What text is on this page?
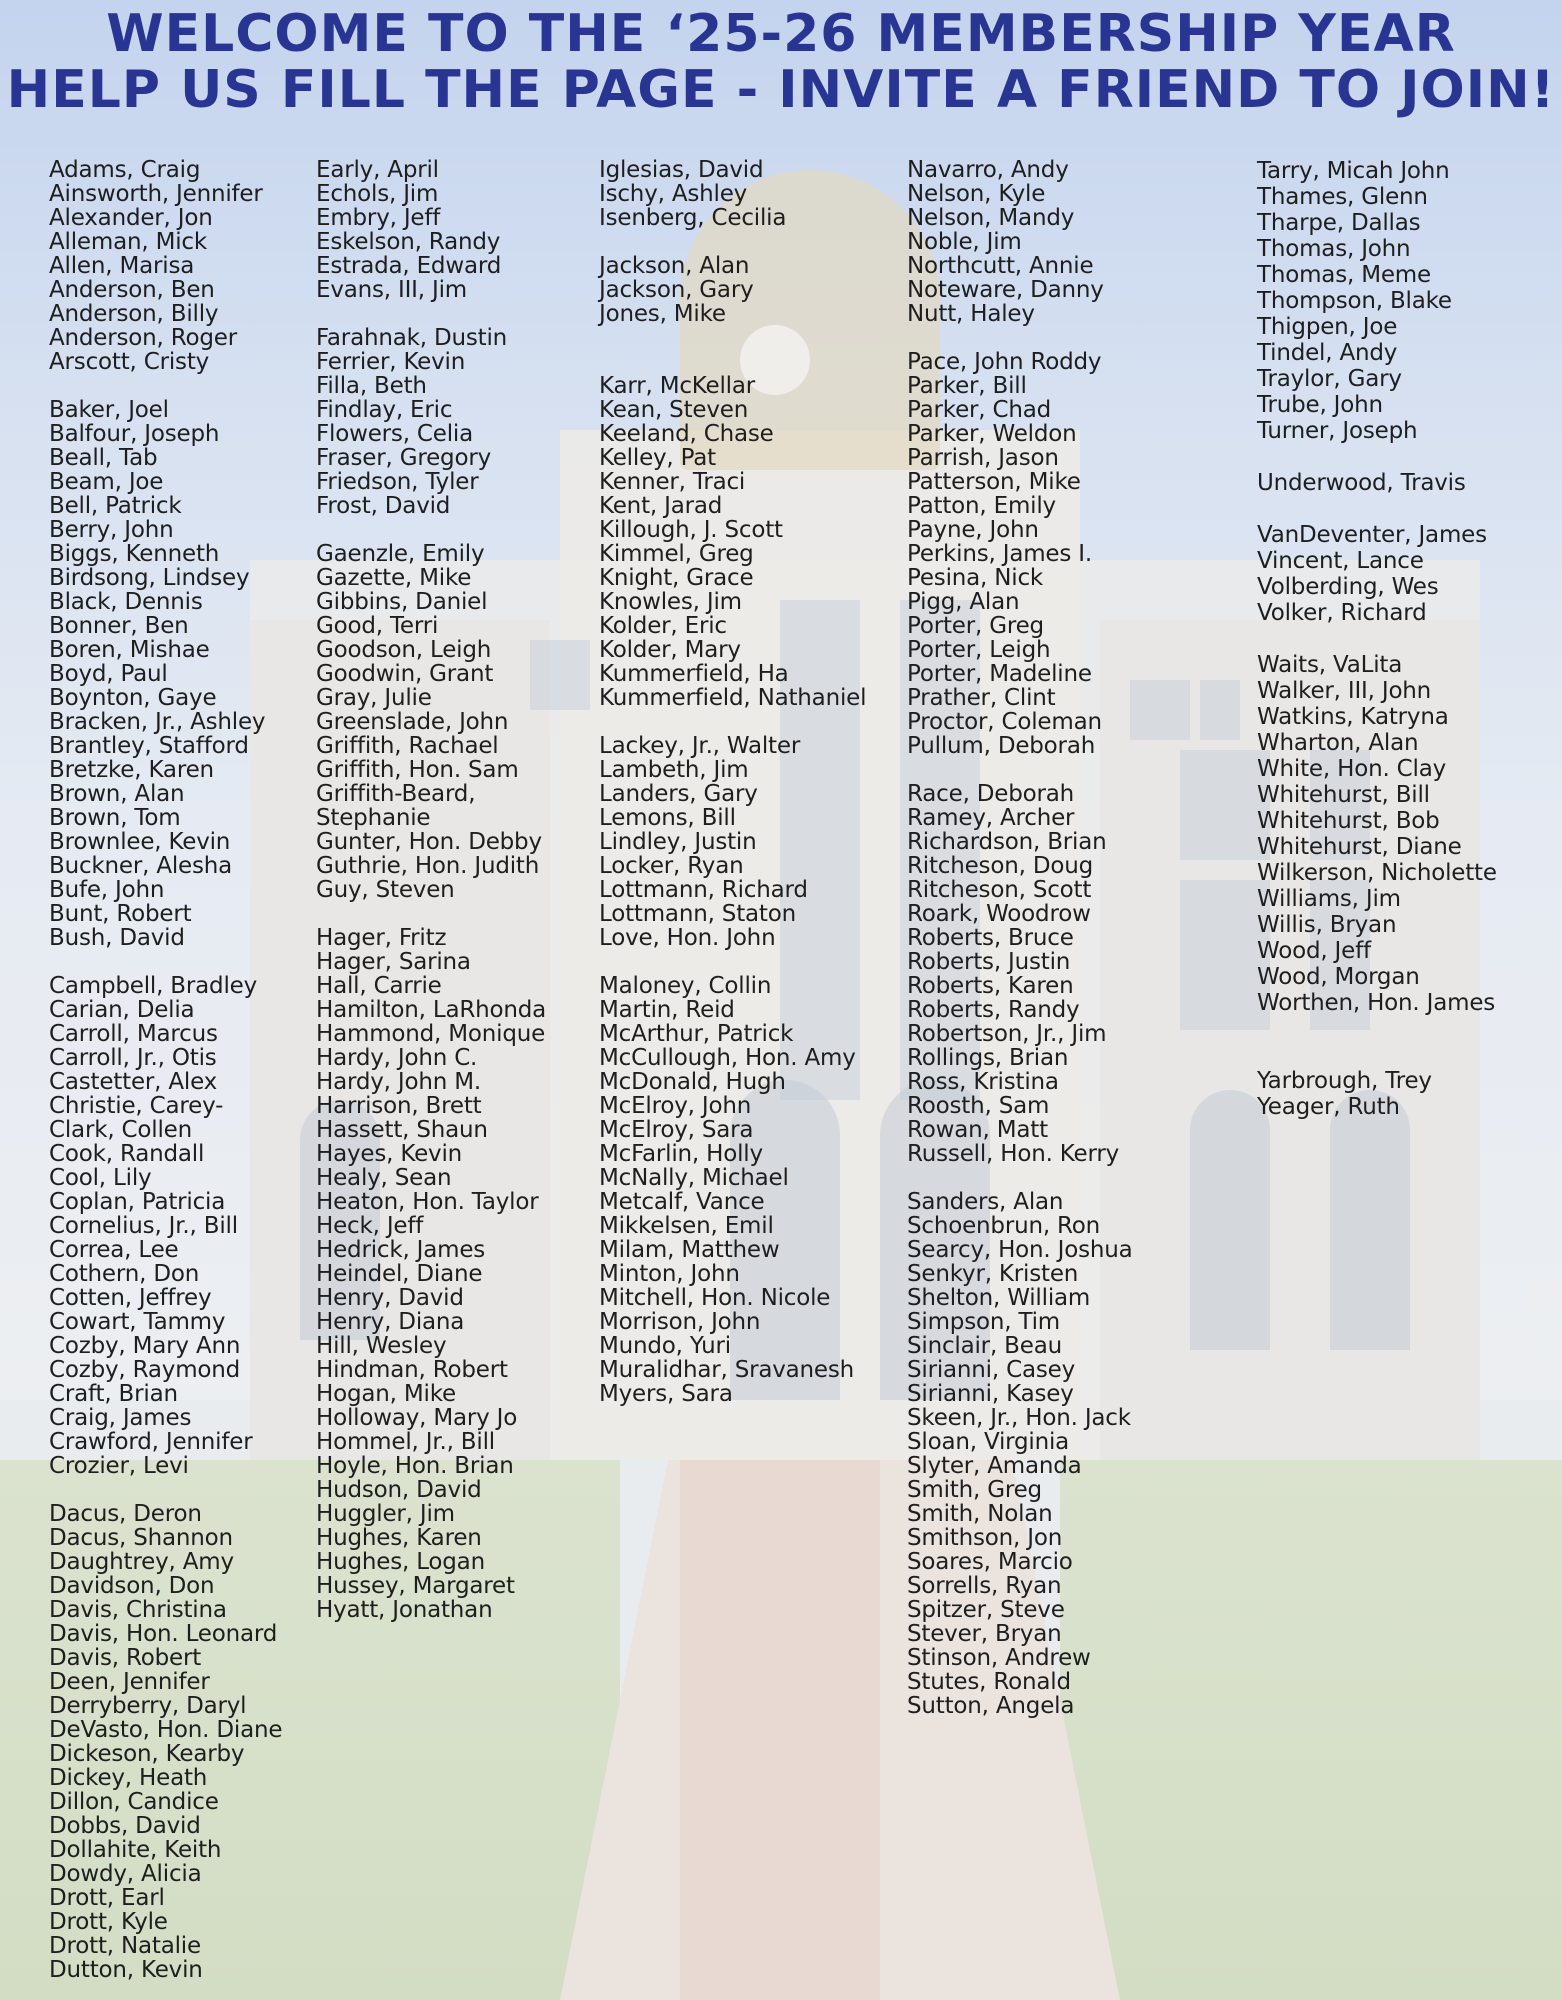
WELCOME TO THE ‘25-26 MEMBERSHIP YEAR
HELP US FILL THE PAGE - INVITE A FRIEND TO JOIN!
Adams, Craig
Ainsworth, Jennifer
Alexander, Jon
Alleman, Mick
Allen, Marisa
Anderson, Ben
Anderson, Billy
Anderson, Roger
Arscott, Cristy
Baker, Joel
Balfour, Joseph
Beall, Tab
Beam, Joe
Bell, Patrick
Berry, John
Biggs, Kenneth
Birdsong, Lindsey
Black, Dennis
Bonner, Ben
Boren, Mishae
Boyd, Paul
Boynton, Gaye
Bracken, Jr., Ashley
Brantley, Stafford
Bretzke, Karen
Brown, Alan
Brown, Tom
Brownlee, Kevin
Buckner, Alesha
Bufe, John
Bunt, Robert
Bush, David
Campbell, Bradley
Carian, Delia
Carroll, Marcus
Carroll, Jr., Otis
Castetter, Alex
Christie, Carey-
Clark, Collen
Cook, Randall
Cool, Lily
Coplan, Patricia
Cornelius, Jr., Bill
Correa, Lee
Cothern, Don
Cotten, Jeffrey
Cowart, Tammy
Cozby, Mary Ann
Cozby, Raymond
Craft, Brian
Craig, James
Crawford, Jennifer
Crozier, Levi
Dacus, Deron
Dacus, Shannon
Daughtrey, Amy
Davidson, Don
Davis, Christina
Davis, Hon. Leonard
Davis, Robert
Deen, Jennifer
Derryberry, Daryl
DeVasto, Hon. Diane
Dickeson, Kearby
Dickey, Heath
Dillon, Candice
Dobbs, David
Dollahite, Keith
Dowdy, Alicia
Drott, Earl
Drott, Kyle
Drott, Natalie
Dutton, Kevin
Early, April
Echols, Jim
Embry, Jeff
Eskelson, Randy
Estrada, Edward
Evans, III, Jim
Farahnak, Dustin
Ferrier, Kevin
Filla, Beth
Findlay, Eric
Flowers, Celia
Fraser, Gregory
Friedson, Tyler
Frost, David
Gaenzle, Emily
Gazette, Mike
Gibbins, Daniel
Good, Terri
Goodson, Leigh
Goodwin, Grant
Gray, Julie
Greenslade, John
Griffith, Rachael
Griffith, Hon. Sam
Griffith-Beard,
Stephanie
Gunter, Hon. Debby
Guthrie, Hon. Judith
Guy, Steven
Hager, Fritz
Hager, Sarina
Hall, Carrie
Hamilton, LaRhonda
Hammond, Monique
Hardy, John C.
Hardy, John M.
Harrison, Brett
Hassett, Shaun
Hayes, Kevin
Healy, Sean
Heaton, Hon. Taylor
Heck, Jeff
Hedrick, James
Heindel, Diane
Henry, David
Henry, Diana
Hill, Wesley
Hindman, Robert
Hogan, Mike
Holloway, Mary Jo
Hommel, Jr., Bill
Hoyle, Hon. Brian
Hudson, David
Huggler, Jim
Hughes, Karen
Hughes, Logan
Hussey, Margaret
Hyatt, Jonathan
Iglesias, David
Ischy, Ashley
Isenberg, Cecilia
Jackson, Alan
Jackson, Gary
Jones, Mike
Karr, McKellar
Kean, Steven
Keeland, Chase
Kelley, Pat
Kenner, Traci
Kent, Jarad
Killough, J. Scott
Kimmel, Greg
Knight, Grace
Knowles, Jim
Kolder, Eric
Kolder, Mary
Kummerfield, Ha
Kummerfield, Nathaniel
Lackey, Jr., Walter
Lambeth, Jim
Landers, Gary
Lemons, Bill
Lindley, Justin
Locker, Ryan
Lottmann, Richard
Lottmann, Staton
Love, Hon. John
Maloney, Collin
Martin, Reid
McArthur, Patrick
McCullough, Hon. Amy
McDonald, Hugh
McElroy, John
McElroy, Sara
McFarlin, Holly
McNally, Michael
Metcalf, Vance
Mikkelsen, Emil
Milam, Matthew
Minton, John
Mitchell, Hon. Nicole
Morrison, John
Mundo, Yuri
Muralidhar, Sravanesh
Myers, Sara
Navarro, Andy
Nelson, Kyle
Nelson, Mandy
Noble, Jim
Northcutt, Annie
Noteware, Danny
Nutt, Haley
Pace, John Roddy
Parker, Bill
Parker, Chad
Parker, Weldon
Parrish, Jason
Patterson, Mike
Patton, Emily
Payne, John
Perkins, James I.
Pesina, Nick
Pigg, Alan
Porter, Greg
Porter, Leigh
Porter, Madeline
Prather, Clint
Proctor, Coleman
Pullum, Deborah
Race, Deborah
Ramey, Archer
Richardson, Brian
Ritcheson, Doug
Ritcheson, Scott
Roark, Woodrow
Roberts, Bruce
Roberts, Justin
Roberts, Karen
Roberts, Randy
Robertson, Jr., Jim
Rollings, Brian
Ross, Kristina
Roosth, Sam
Rowan, Matt
Russell, Hon. Kerry
Sanders, Alan
Schoenbrun, Ron
Searcy, Hon. Joshua
Senkyr, Kristen
Shelton, William
Simpson, Tim
Sinclair, Beau
Sirianni, Casey
Sirianni, Kasey
Skeen, Jr., Hon. Jack
Sloan, Virginia
Slyter, Amanda
Smith, Greg
Smith, Nolan
Smithson, Jon
Soares, Marcio
Sorrells, Ryan
Spitzer, Steve
Stever, Bryan
Stinson, Andrew
Stutes, Ronald
Sutton, Angela
Tarry, Micah John
Thames, Glenn
Tharpe, Dallas
Thomas, John
Thomas, Meme
Thompson, Blake
Thigpen, Joe
Tindel, Andy
Traylor, Gary
Trube, John
Turner, Joseph
Underwood, Travis
VanDeventer, James
Vincent, Lance
Volberding, Wes
Volker, Richard
Waits, VaLita
Walker, III, John
Watkins, Katryna
Wharton, Alan
White, Hon. Clay
Whitehurst, Bill
Whitehurst, Bob
Whitehurst, Diane
Wilkerson, Nicholette
Williams, Jim
Willis, Bryan
Wood, Jeff
Wood, Morgan
Worthen, Hon. James
Yarbrough, Trey
Yeager, Ruth
